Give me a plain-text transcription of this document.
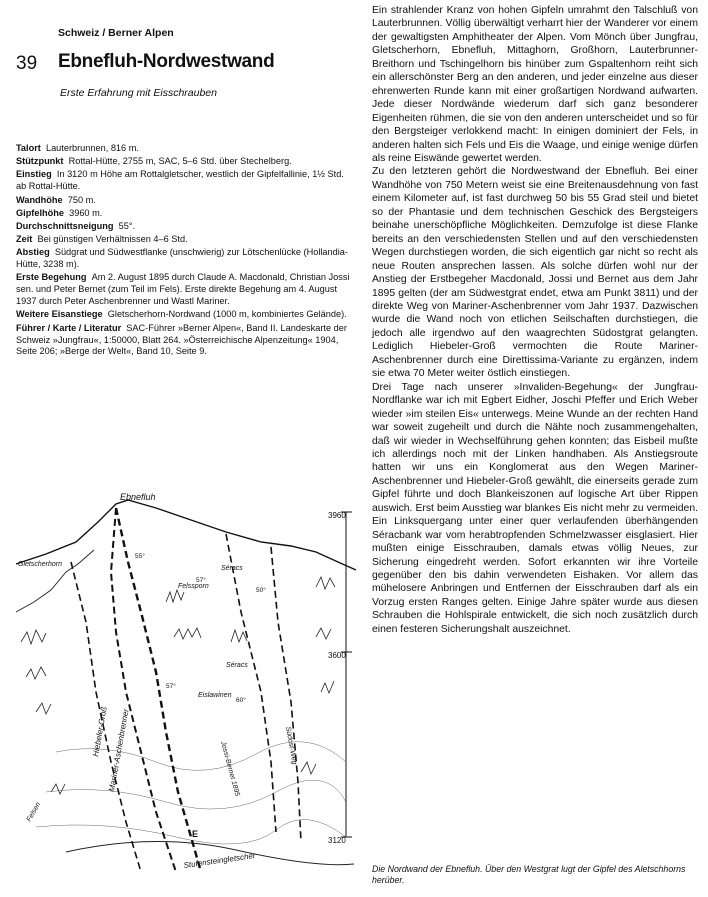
Schweiz / Berner Alpen
39 Ebnefluh-Nordwestwand
Erste Erfahrung mit Eisschrauben
Talort Lauterbrunnen, 816 m.
Stützpunkt Rottal-Hütte, 2755 m, SAC, 5–6 Std. über Stechelberg.
Einstieg In 3120 m Höhe am Rottalgletscher, westlich der Gipfelfallinie, 1½ Std. ab Rottal-Hütte.
Wandhöhe 750 m.
Gipfelhöhe 3960 m.
Durchschnittsneigung 55°.
Zeit Bei günstigen Verhältnissen 4–6 Std.
Abstieg Südgrat und Südwestflanke (unschwierig) zur Lötschenlücke (Hollandia-Hütte, 3238 m).
Erste Begehung Am 2. August 1895 durch Claude A. Macdonald, Christian Jossi sen. und Peter Bernet (zum Teil im Fels). Erste direkte Begehung am 4. August 1937 durch Peter Aschenbrenner und Wastl Mariner.
Weitere Eisanstiege Gletscherhorn-Nordwand (1000 m, kombiniertes Gelände).
Führer / Karte / Literatur SAC-Führer »Berner Alpen«, Band II. Landeskarte der Schweiz »Jungfrau«, 1:50000, Blatt 264. »Österreichische Alpenzeitung« 1904, Seite 206; »Berge der Welt«, Band 10, Seite 9.

Ein strahlender Kranz von hohen Gipfeln umrahmt den Talschluß von Lauterbrunnen. Völlig überwältigt verharrt hier der Wanderer vor einem der gewaltigsten Amphitheater der Alpen. Vom Mönch über Jungfrau, Gletscherhorn, Ebnefluh, Mittaghorn, Großhorn, Lauterbrunner-Breithorn und Tschingelhorn bis hinüber zum Gspaltenhorn reiht sich ein allerschönster Berg an den anderen, und jeder einzelne aus dieser ehrenwerten Runde kann mit einer großartigen Nordwand aufwarten. Jede dieser Nordwände wiederum darf sich ganz besonderer Eigenheiten rühmen, die sie von den anderen unterscheidet und so für den Bergsteiger verlokkend macht: In einigen dominiert der Fels, in anderen halten sich Fels und Eis die Waage, und einige wenige dürfen als reine Eiswände gewertet werden.

Zu den letzteren gehört die Nordwestwand der Ebnefluh. Bei einer Wandhöhe von 750 Metern weist sie eine Breitenausdehnung von fast einem Kilometer auf, ist fast durchweg 50 bis 55 Grad steil und bietet so der Phantasie und dem technischen Geschick des Bergsteigers beinahe unerschöpfliche Möglichkeiten. Demzufolge ist diese Flanke bereits an den verschiedensten Stellen und auf den verschiedensten Wegen durchstiegen worden, die sich eigentlich gar nicht so recht als neue Routen ansprechen lassen. Als solche dürfen wohl nur der Anstieg der Erstbegeher Macdonald, Jossi und Bernet aus dem Jahr 1895 gelten (der am Südwestgrat endet, etwa am Punkt 3811) und der direkte Weg von Mariner-Aschenbrenner vom Jahr 1937. Dazwischen wurde die Wand noch von etlichen Seilschaften durchstiegen, die jedoch alle irgendwo auf den waagrechten Südostgrat gelangten. Lediglich Hiebeler-Groß vermochten die Route Mariner-Aschenbrenner durch eine Direttissima-Variante zu ergänzen, indem sie etwa 70 Meter weiter östlich einstiegen.

Drei Tage nach unserer »Invaliden-Begehung« der Jungfrau-Nordflanke war ich mit Egbert Eidher, Joschi Pfeffer und Erich Weber wieder »im steilen Eis« unterwegs. Meine Wunde an der rechten Hand war soweit zugeheilt und durch die Nähte noch zusammengehalten, daß wir wieder in Wechselführung gehen konnten; das Eisbeil mußte ich allerdings noch mit der Linken handhaben. Als Anstiegsroute hatten wir uns ein Konglomerat aus den Wegen Mariner-Aschenbrenner und Hiebeler-Groß gewählt, die einerseits gerade zum Gipfel führte und doch Blankeiszonen auf logische Art über Rippen auswich. Erst beim Ausstieg war blankes Eis nicht mehr zu vermeiden. Ein Linksquergang unter einer quer verlaufenden überhängenden Séracbank war vom herabtropfenden Schmelzwasser eisglasiert. Hier mußten einige Eisschrauben, damals etwas völlig Neues, zur Sicherung eingedreht werden. Sofort erkannten wir ihre Vorteile gegenüber den bis dahin verwendeten Eishaken. Vor allem das mühelosere Anbringen und Entfernen der Eisschrauben darf als ein Vorzug ersten Ranges gelten. Einige Jahre später wurde aus diesen Schrauben die Hohlspirale entwickelt, die sich noch zusätzlich durch einen festeren Sicherungshalt auszeichnet.

3960
3600
3120
Ebnefluh
Gletscherhorn
Felssporn
Séracs
Séracs
Eislawinen
Hiebeler-Groß
Mariner-Aschenbrenner	Jossi-Bernet 1895	Südost-Weg
Felsen
Stufensteingletscher
E
55°
57°
50°
57°
60°
Die Nordwand der Ebnefluh. Über den Westgrat lugt der Gipfel des Aletschhorns herüber.
